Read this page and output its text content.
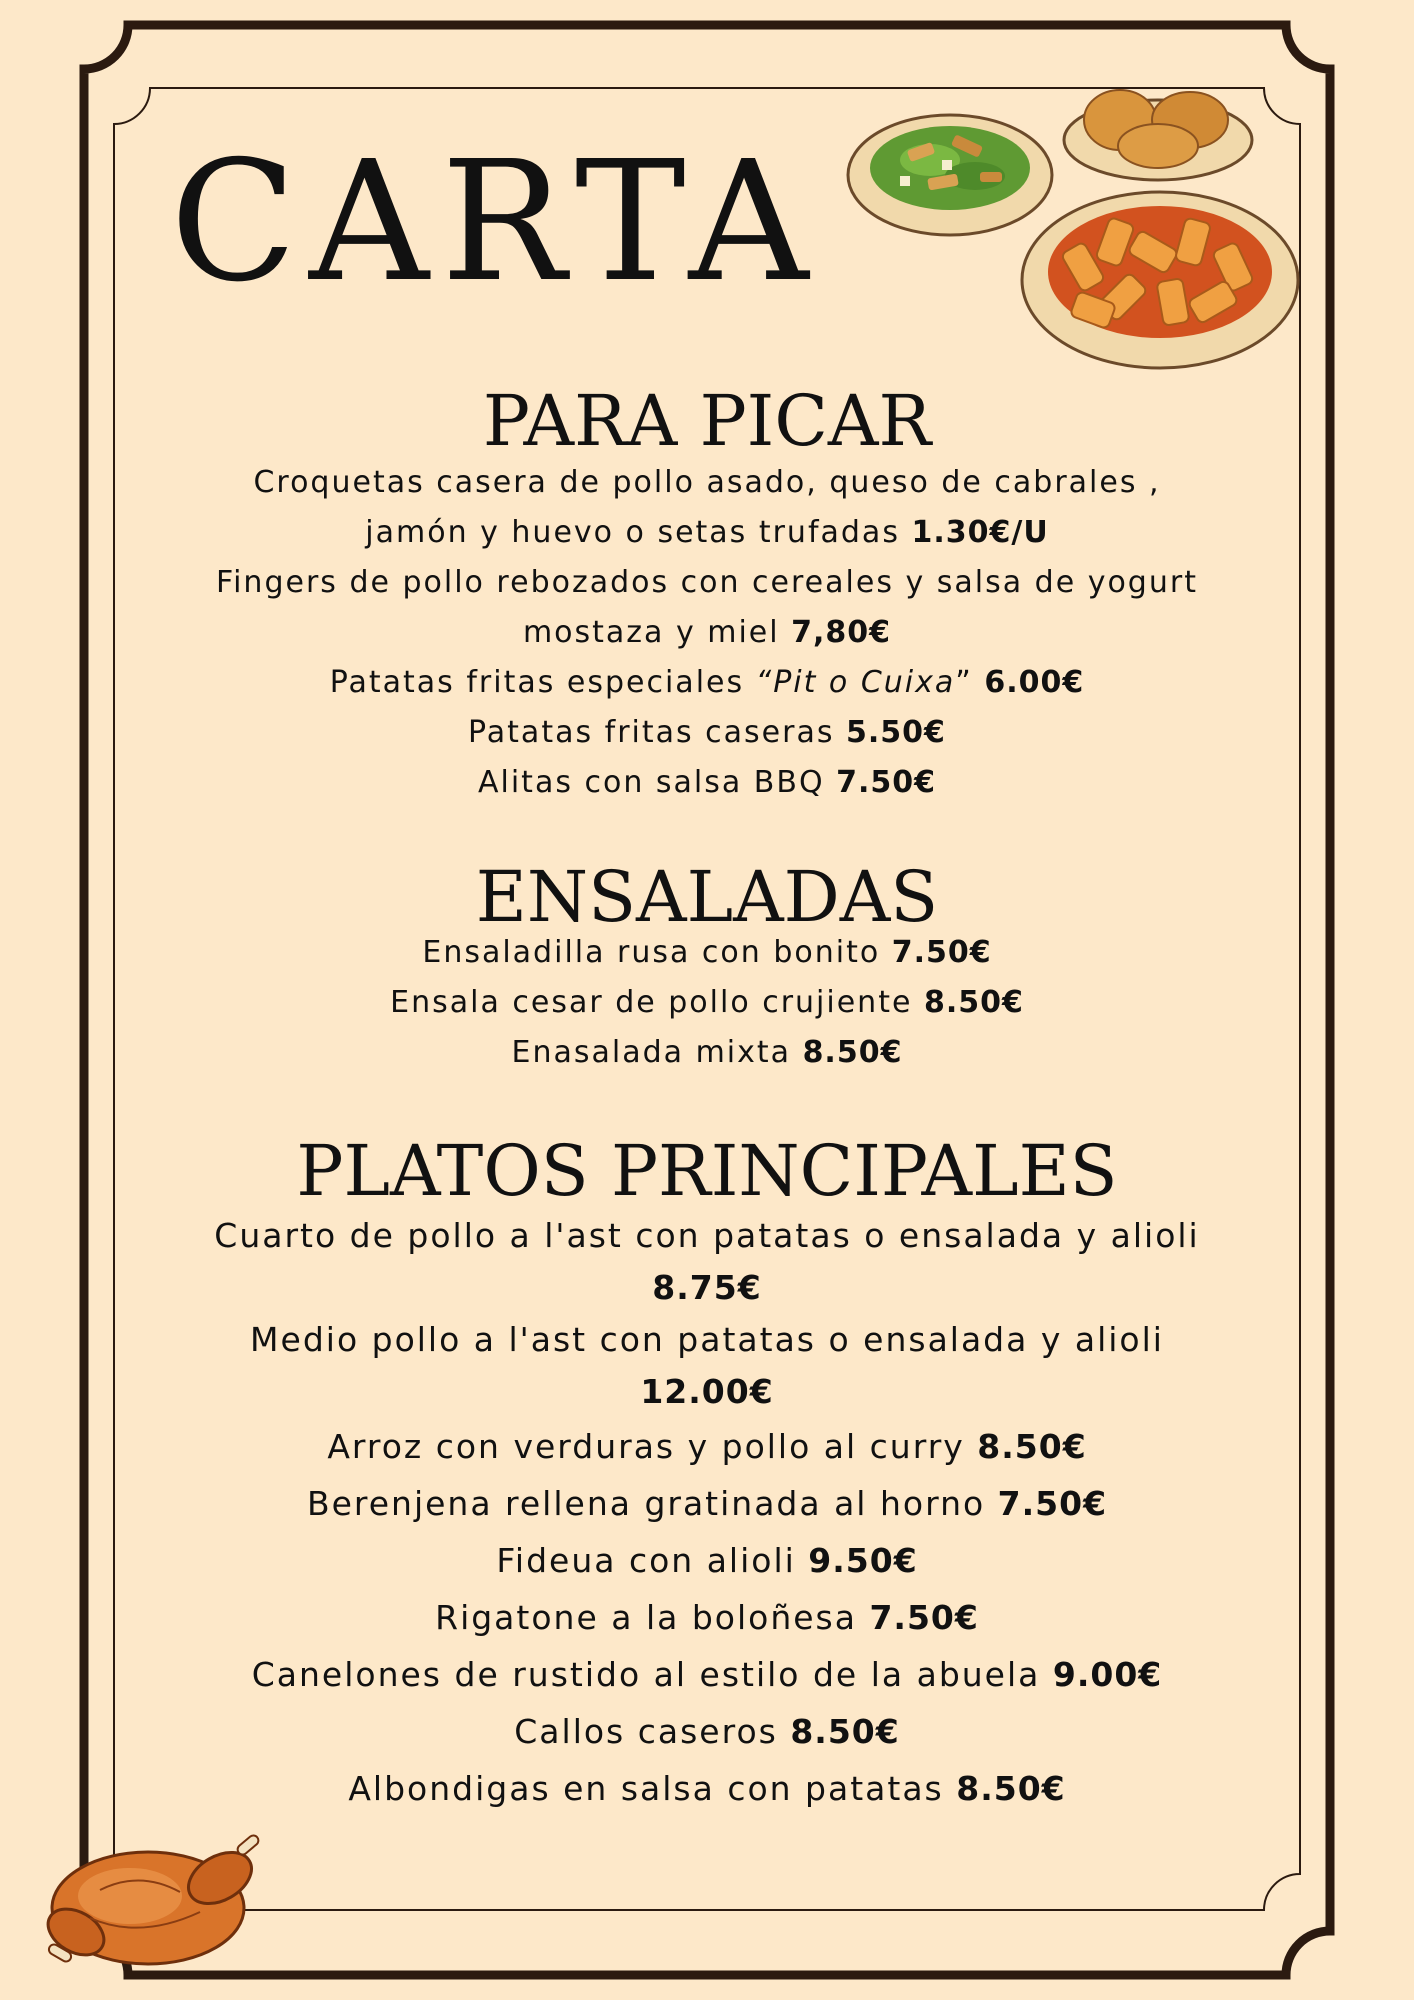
CARTA
PARA PICAR
Croquetas casera de pollo asado, queso de cabrales ,
jamón y huevo o setas trufadas 1.30€/U
Fingers de pollo rebozados con cereales y salsa de yogurt
mostaza y miel 7,80€
Patatas fritas especiales “Pit o Cuixa” 6.00€
Patatas fritas caseras 5.50€
Alitas con salsa BBQ 7.50€
ENSALADAS
Ensaladilla rusa con bonito 7.50€
Ensala cesar de pollo crujiente 8.50€
Enasalada mixta 8.50€
PLATOS PRINCIPALES
Cuarto de pollo a l'ast con patatas o ensalada y alioli
8.75€
Medio pollo a l'ast con patatas o ensalada y alioli
12.00€
Arroz con verduras y pollo al curry 8.50€
Berenjena rellena gratinada al horno 7.50€
Fideua con alioli 9.50€
Rigatone a la boloñesa 7.50€
Canelones de rustido al estilo de la abuela 9.00€
Callos caseros 8.50€
Albondigas en salsa con patatas 8.50€
